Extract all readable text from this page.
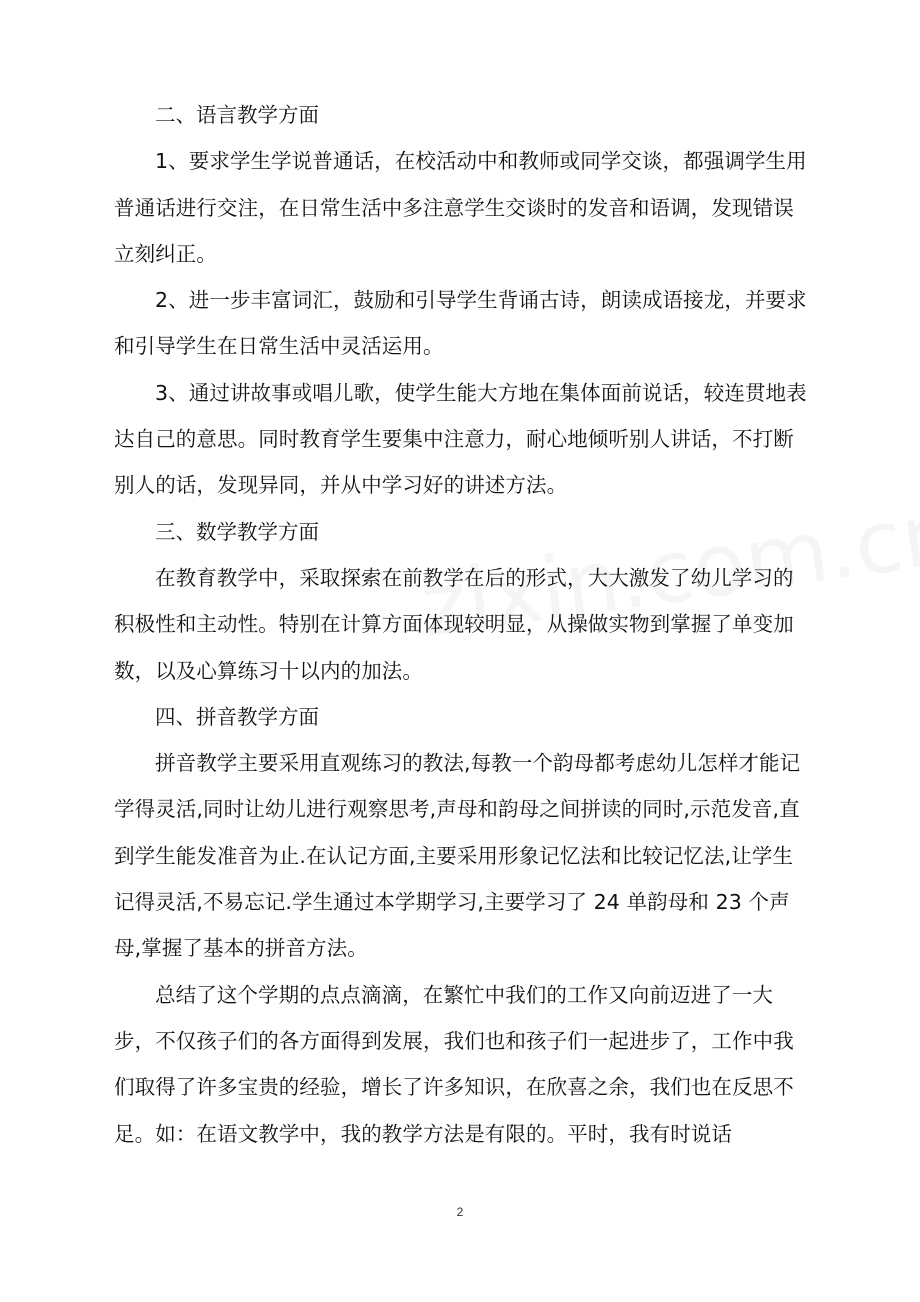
二、语言教学方面

1、要求学生学说普通话，在校活动中和教师或同学交谈，都强调学生用普通话进行交注，在日常生活中多注意学生交谈时的发音和语调，发现错误立刻纠正。

2、进一步丰富词汇，鼓励和引导学生背诵古诗，朗读成语接龙，并要求和引导学生在日常生活中灵活运用。

3、通过讲故事或唱儿歌，使学生能大方地在集体面前说话，较连贯地表达自己的意思。同时教育学生要集中注意力，耐心地倾听别人讲话，不打断别人的话，发现异同，并从中学习好的讲述方法。

三、数学教学方面

在教育教学中，采取探索在前教学在后的形式，大大激发了幼儿学习的积极性和主动性。特别在计算方面体现较明显，从操做实物到掌握了单变加数，以及心算练习十以内的加法。

四、拼音教学方面

拼音教学主要采用直观练习的教法,每教一个韵母都考虑幼儿怎样才能记学得灵活,同时让幼儿进行观察思考,声母和韵母之间拼读的同时,示范发音,直到学生能发准音为止.在认记方面,主要采用形象记忆法和比较记忆法,让学生记得灵活,不易忘记.学生通过本学期学习,主要学习了 24 单韵母和 23 个声母,掌握了基本的拼音方法。

总结了这个学期的点点滴滴，在繁忙中我们的工作又向前迈进了一大步，不仅孩子们的各方面得到发展，我们也和孩子们一起进步了，工作中我们取得了许多宝贵的经验，增长了许多知识，在欣喜之余，我们也在反思不足。如：在语文教学中，我的教学方法是有限的。平时，我有时说话

2
